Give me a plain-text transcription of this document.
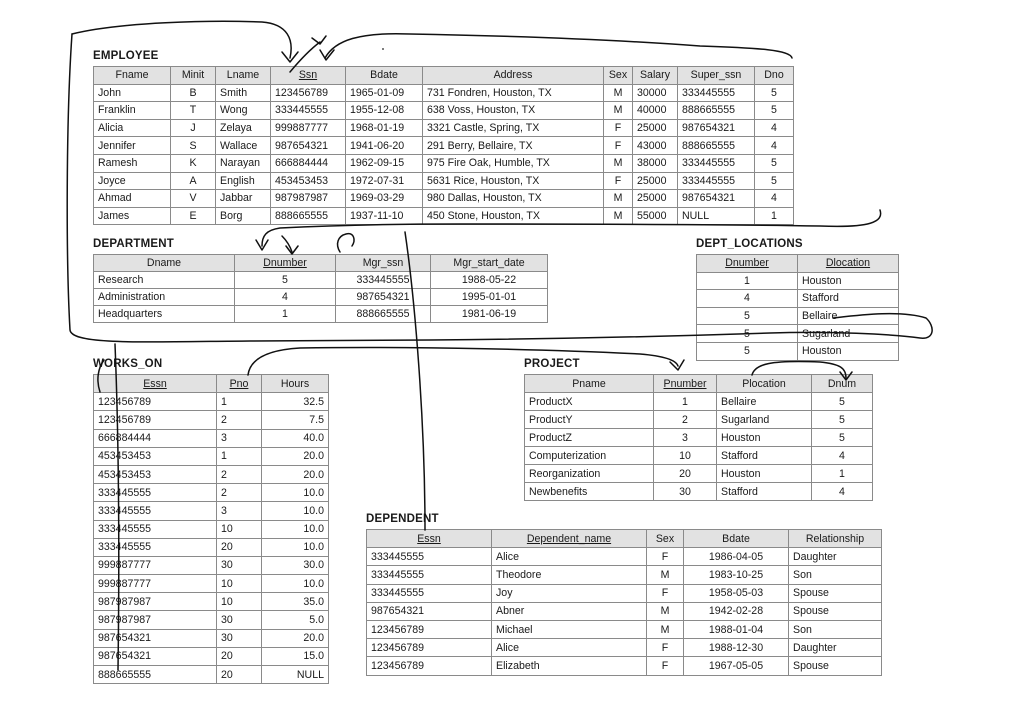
EMPLOYEE
Fname	Minit	Lname	Ssn	Bdate	Address	Sex	Salary	Super_ssn	Dno
John	B	Smith	123456789	1965-01-09	731 Fondren, Houston, TX	M	30000	333445555	5
Franklin	T	Wong	333445555	1955-12-08	638 Voss, Houston, TX	M	40000	888665555	5
Alicia	J	Zelaya	999887777	1968-01-19	3321 Castle, Spring, TX	F	25000	987654321	4
Jennifer	S	Wallace	987654321	1941-06-20	291 Berry, Bellaire, TX	F	43000	888665555	4
Ramesh	K	Narayan	666884444	1962-09-15	975 Fire Oak, Humble, TX	M	38000	333445555	5
Joyce	A	English	453453453	1972-07-31	5631 Rice, Houston, TX	F	25000	333445555	5
Ahmad	V	Jabbar	987987987	1969-03-29	980 Dallas, Houston, TX	M	25000	987654321	4
James	E	Borg	888665555	1937-11-10	450 Stone, Houston, TX	M	55000	NULL	1
DEPARTMENT
Dname	Dnumber	Mgr_ssn	Mgr_start_date
Research	5	333445555	1988-05-22
Administration	4	987654321	1995-01-01
Headquarters	1	888665555	1981-06-19
DEPT_LOCATIONS
Dnumber	Dlocation
1	Houston
4	Stafford
5	Bellaire
5	Sugarland
5	Houston
WORKS_ON
Essn	Pno	Hours
123456789	1	32.5
123456789	2	7.5
666884444	3	40.0
453453453	1	20.0
453453453	2	20.0
333445555	2	10.0
333445555	3	10.0
333445555	10	10.0
333445555	20	10.0
999887777	30	30.0
999887777	10	10.0
987987987	10	35.0
987987987	30	5.0
987654321	30	20.0
987654321	20	15.0
888665555	20	NULL
PROJECT
Pname	Pnumber	Plocation	Dnum
ProductX	1	Bellaire	5
ProductY	2	Sugarland	5
ProductZ	3	Houston	5
Computerization	10	Stafford	4
Reorganization	20	Houston	1
Newbenefits	30	Stafford	4
DEPENDENT
Essn	Dependent_name	Sex	Bdate	Relationship
333445555	Alice	F	1986-04-05	Daughter
333445555	Theodore	M	1983-10-25	Son
333445555	Joy	F	1958-05-03	Spouse
987654321	Abner	M	1942-02-28	Spouse
123456789	Michael	M	1988-01-04	Son
123456789	Alice	F	1988-12-30	Daughter
123456789	Elizabeth	F	1967-05-05	Spouse
